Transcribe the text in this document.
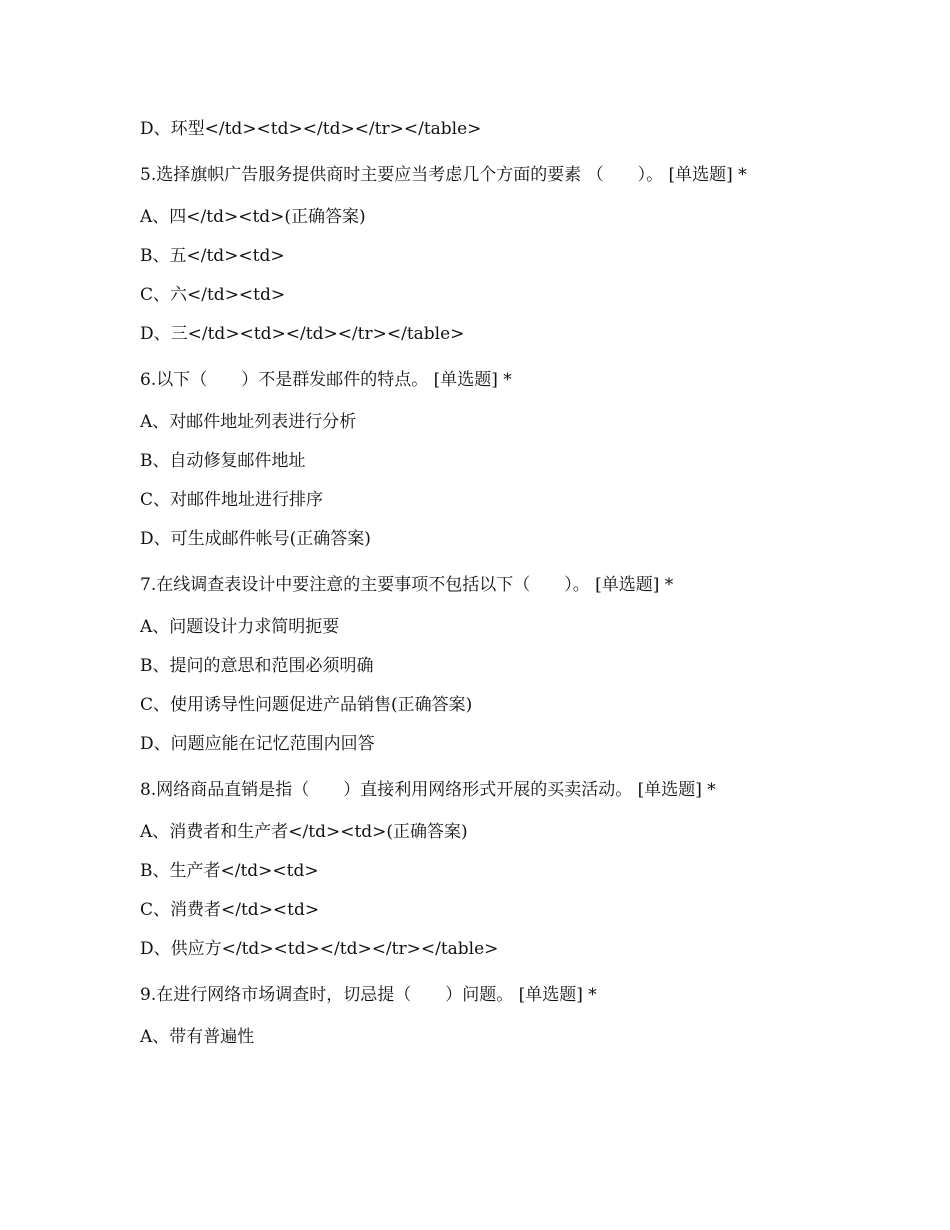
D、环型</td><td></td></tr></table>
5.选择旗帜广告服务提供商时主要应当考虑几个方面的要素 （　　）。 [单选题] *
A、四</td><td>(正确答案)
B、五</td><td>
C、六</td><td>
D、三</td><td></td></tr></table>
6.以下（　　）不是群发邮件的特点。 [单选题] *
A、对邮件地址列表进行分析
B、自动修复邮件地址
C、对邮件地址进行排序
D、可生成邮件帐号(正确答案)
7.在线调查表设计中要注意的主要事项不包括以下（　　）。 [单选题] *
A、问题设计力求简明扼要
B、提问的意思和范围必须明确
C、使用诱导性问题促进产品销售(正确答案)
D、问题应能在记忆范围内回答
8.网络商品直销是指（　　）直接利用网络形式开展的买卖活动。 [单选题] *
A、消费者和生产者</td><td>(正确答案)
B、生产者</td><td>
C、消费者</td><td>
D、供应方</td><td></td></tr></table>
9.在进行网络市场调查时，切忌提（　　）问题。 [单选题] *
A、带有普遍性
